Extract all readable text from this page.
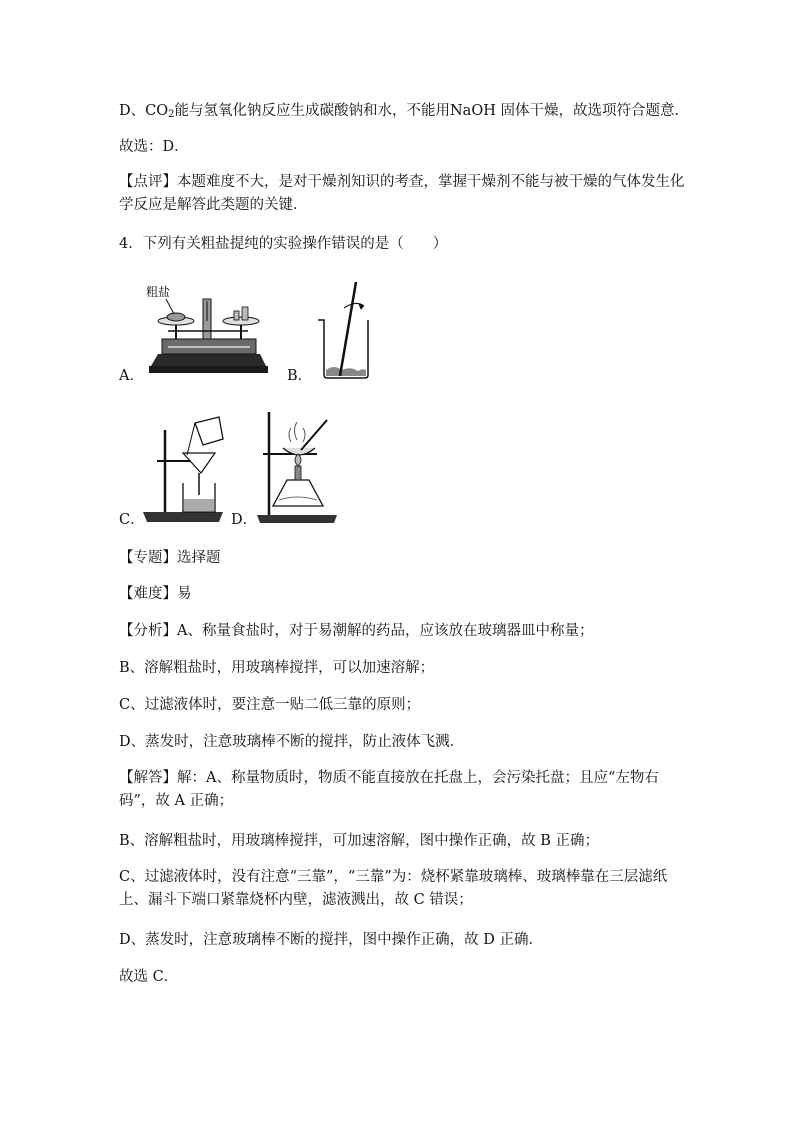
D、$CO_2$能与氢氧化钠反应生成碳酸钠和水，不能用NaOH 固体干燥，故选项符合题意．
故选：D．
【点评】本题难度不大，是对干燥剂知识的考查，掌握干燥剂不能与被干燥的气体发生化学反应是解答此类题的关键．
4．下列有关粗盐提纯的实验操作错误的是（　　）
粗盐
A．	B．
C．	D．
【专题】选择题
【难度】易
【分析】A、称量食盐时，对于易潮解的药品，应该放在玻璃器皿中称量；
B、溶解粗盐时，用玻璃棒搅拌，可以加速溶解；
C、过滤液体时，要注意一贴二低三靠的原则；
D、蒸发时，注意玻璃棒不断的搅拌，防止液体飞溅．
【解答】解：A、称量物质时，物质不能直接放在托盘上，会污染托盘；且应“左物右码”，故 A 正确；
B、溶解粗盐时，用玻璃棒搅拌，可加速溶解，图中操作正确，故 B 正确；
C、过滤液体时，没有注意“三靠”，“三靠”为：烧杯紧靠玻璃棒、玻璃棒靠在三层滤纸上、漏斗下端口紧靠烧杯内壁，滤液溅出，故 C 错误；
D、蒸发时，注意玻璃棒不断的搅拌，图中操作正确，故 D 正确．
故选 C．
